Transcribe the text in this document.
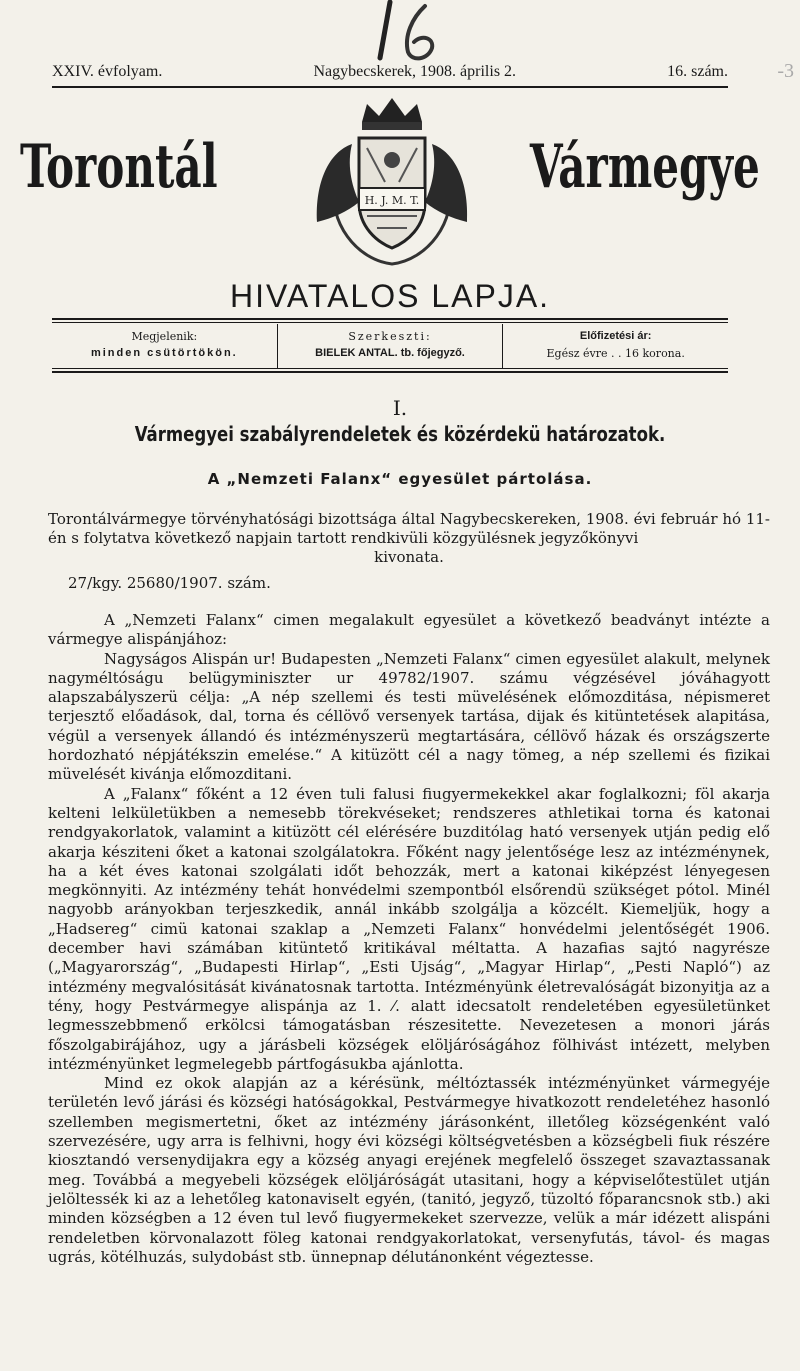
-3
XXIV. évfolyam.	Nagybecskerek, 1908. április 2.	16. szám.
Torontál	H. J. M. T. Vármegye
HIVATALOS LAPJA.
Megjelenik:
minden csütörtökön.
Szerkeszti:
BIELEK ANTAL. tb. főjegyző.
Előfizetési ár:
Egész évre . . 16 korona.
I.
Vármegyei szabályrendeletek és közérdekü határozatok.
A „Nemzeti Falanx“ egyesület pártolása.
Torontálvármegye törvényhatósági bizottsága által Nagybecskereken, 1908. évi február hó 11-én s folytatva következő napjain tartott rendkivüli közgyülésnek jegyzőkönyvi
kivonata.
27/kgy. 25680/1907. szám.

A „Nemzeti Falanx“ cimen megalakult egyesület a következő beadványt intézte a vármegye alispánjához:

Nagyságos Alispán ur! Budapesten „Nemzeti Falanx“ cimen egyesület alakult, melynek nagyméltóságu belügyminiszter ur 49782/1907. számu végzésével jóváhagyott alapszabályszerü célja: „A nép szellemi és testi müvelésének előmozditása, népismeret terjesztő előadások, dal, torna és céllövő versenyek tartása, dijak és kitüntetések alapitása, végül a versenyek állandó és intézményszerü megtartására, céllövő házak és országszerte hordozható népjátékszin emelése.“ A kitüzött cél a nagy tömeg, a nép szellemi és fizikai müvelését kivánja előmozditani.

A „Falanx“ főként a 12 éven tuli falusi fiugyermekekkel akar foglalkozni; föl akarja kelteni lelkületükben a nemesebb törekvéseket; rendszeres athletikai torna és katonai rendgyakorlatok, valamint a kitüzött cél elérésére buzditólag ható versenyek utján pedig elő akarja késziteni őket a katonai szolgálatokra. Főként nagy jelentősége lesz az intézménynek, ha a két éves katonai szolgálati időt behozzák, mert a katonai kiképzést lényegesen megkönnyiti. Az intézmény tehát honvédelmi szempontból elsőrendü szükséget pótol. Minél nagyobb arányokban terjeszkedik, annál inkább szolgálja a közcélt. Kiemeljük, hogy a „Hadsereg“ cimü katonai szaklap a „Nemzeti Falanx“ honvédelmi jelentőségét 1906. december havi számában kitüntető kritikával méltatta. A hazafias sajtó nagyrésze („Magyarország“, „Budapesti Hirlap“, „Esti Ujság“, „Magyar Hirlap“, „Pesti Napló“) az intézmény megvalósitását kivánatosnak tartotta. Intézményünk életrevalóságát bizonyitja az a tény, hogy Pestvármegye alispánja az 1. ⁄. alatt idecsatolt rendeletében egyesületünket legmesszebbmenő erkölcsi támogatásban részesitette. Nevezetesen a monori járás főszolgabirájához, ugy a járásbeli községek elöljáróságához fölhivást intézett, melyben intézményünket legmelegebb pártfogásukba ajánlotta.

Mind ez okok alapján az a kérésünk, méltóztassék intézményünket vármegyéje területén levő járási és községi hatóságokkal, Pestvármegye hivatkozott rendeletéhez hasonló szellemben megismertetni, őket az intézmény járásonként, illetőleg községenként való szervezésére, ugy arra is felhivni, hogy évi községi költségvetésben a községbeli fiuk részére kiosztandó versenydijakra egy a község anyagi erejének megfelelő összeget szavaztassanak meg. Továbbá a megyebeli községek elöljáróságát utasitani, hogy a képviselőtestület utján jelöltessék ki az a lehetőleg katonaviselt egyén, (tanitó, jegyző, tüzoltó főparancsnok stb.) aki minden községben a 12 éven tul levő fiugyermekeket szervezze, velük a már idézett alispáni rendeletben körvonalazott föleg katonai rendgyakorlatokat, versenyfutás, távol- és magas ugrás, kötélhuzás, sulydobást stb. ünnepnap délutánonként végeztesse.
